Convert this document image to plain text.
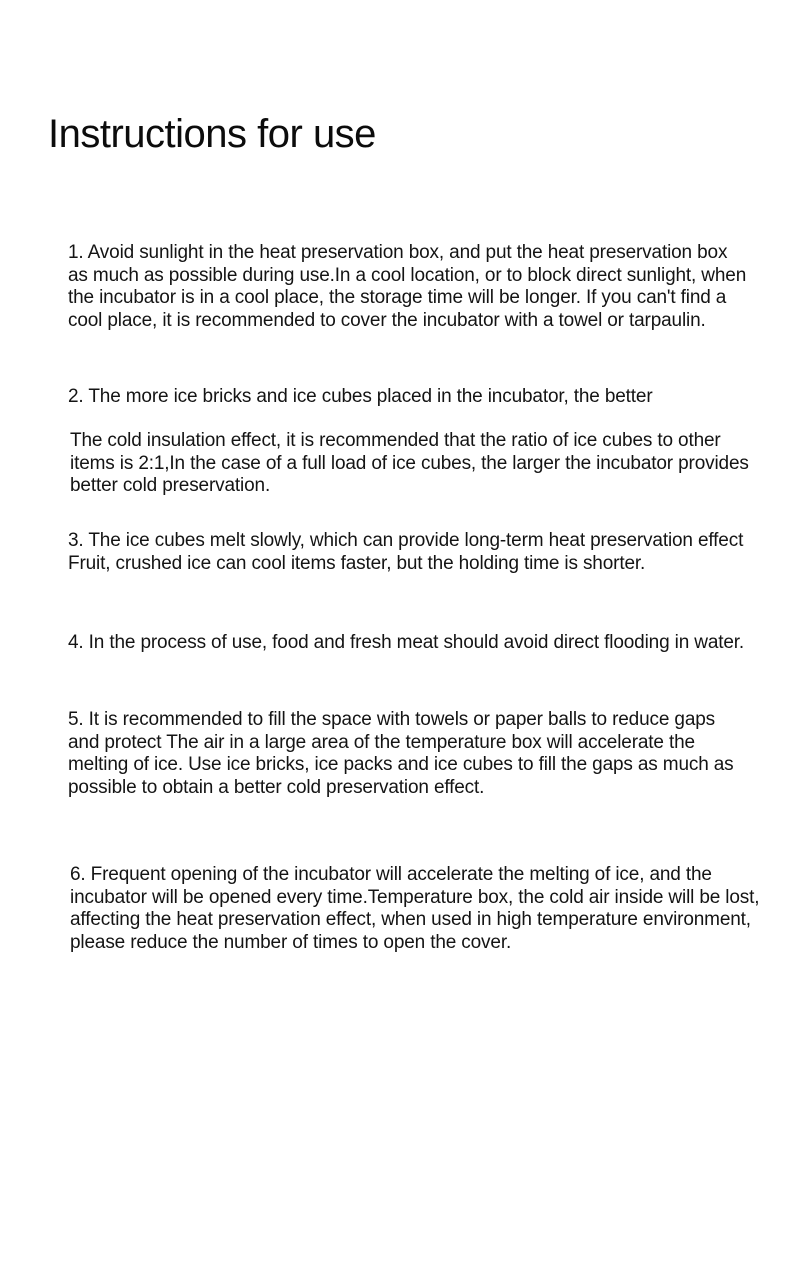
Instructions for use

1. Avoid sunlight in the heat preservation box, and put the heat preservation box as much as possible during use.In a cool location, or to block direct sunlight, when the incubator is in a cool place, the storage time will be longer. If you can't find a cool place, it is recommended to cover the incubator with a towel or tarpaulin.

2. The more ice bricks and ice cubes placed in the incubator, the better

The cold insulation effect, it is recommended that the ratio of ice cubes to other items is 2:1,In the case of a full load of ice cubes, the larger the incubator provides better cold preservation.

3. The ice cubes melt slowly, which can provide long-term heat preservation effect Fruit, crushed ice can cool items faster, but the holding time is shorter.

4. In the process of use, food and fresh meat should avoid direct flooding in water.

5. It is recommended to fill the space with towels or paper balls to reduce gaps and protect The air in a large area of the temperature box will accelerate the melting of ice. Use ice bricks, ice packs and ice cubes to fill the gaps as much as possible to obtain a better cold preservation effect.

6. Frequent opening of the incubator will accelerate the melting of ice, and the incubator will be opened every time.Temperature box, the cold air inside will be lost, affecting the heat preservation effect, when used in high temperature environment, please reduce the number of times to open the cover.
